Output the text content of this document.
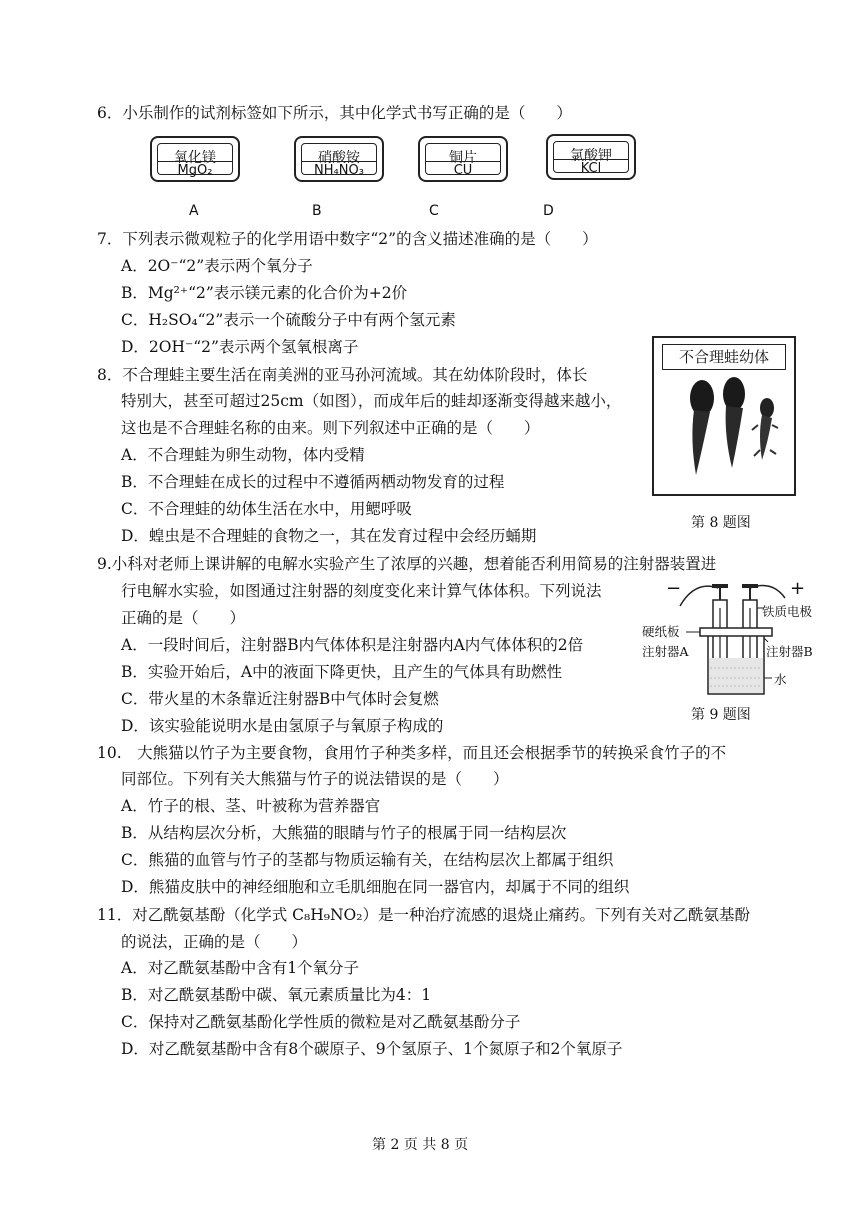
6．小乐制作的试剂标签如下所示，其中化学式书写正确的是（　　）
氧化镁
MgO₂
硝酸铵
NH₄NO₃
铜片
CU
氯酸钾
KCl
A	B	C	D
7．下列表示微观粒子的化学用语中数字“2”的含义描述准确的是（　　）
A．2O⁻“2”表示两个氧分子
B．Mg²⁺“2”表示镁元素的化合价为+2价
C．H₂SO₄“2”表示一个硫酸分子中有两个氢元素
D．2OH⁻“2”表示两个氢氧根离子
8．不合理蛙主要生活在南美洲的亚马孙河流域。其在幼体阶段时，体长
特别大，甚至可超过25cm（如图），而成年后的蛙却逐渐变得越来越小，
这也是不合理蛙名称的由来。则下列叙述中正确的是（　　）
A．不合理蛙为卵生动物，体内受精
B．不合理蛙在成长的过程中不遵循两栖动物发育的过程
C．不合理蛙的幼体生活在水中，用鳃呼吸
D．蝗虫是不合理蛙的食物之一，其在发育过程中会经历蛹期
不合理蛙幼体
第 8 题图
9.小科对老师上课讲解的电解水实验产生了浓厚的兴趣，想着能否利用简易的注射器装置进
行电解水实验，如图通过注射器的刻度变化来计算气体体积。下列说法
正确的是（　　）
A．一段时间后，注射器B内气体体积是注射器内A内气体体积的2倍
B．实验开始后，A中的液面下降更快，且产生的气体具有助燃性
C．带火星的木条靠近注射器B中气体时会复燃
D．该实验能说明水是由氢原子与氧原子构成的
−	+
铁质电极
硬纸板
注射器A	注射器B
水
第 9 题图
10.　大熊猫以竹子为主要食物，食用竹子种类多样，而且还会根据季节的转换采食竹子的不
同部位。下列有关大熊猫与竹子的说法错误的是（　　）
A．竹子的根、茎、叶被称为营养器官
B．从结构层次分析，大熊猫的眼睛与竹子的根属于同一结构层次
C．熊猫的血管与竹子的茎都与物质运输有关，在结构层次上都属于组织
D．熊猫皮肤中的神经细胞和立毛肌细胞在同一器官内，却属于不同的组织
11．对乙酰氨基酚（化学式 C₈H₉NO₂）是一种治疗流感的退烧止痛药。下列有关对乙酰氨基酚
的说法，正确的是（　　）
A．对乙酰氨基酚中含有1个氧分子
B．对乙酰氨基酚中碳、氧元素质量比为4：1
C．保持对乙酰氨基酚化学性质的微粒是对乙酰氨基酚分子
D．对乙酰氨基酚中含有8个碳原子、9个氢原子、1个氮原子和2个氧原子
第 2 页 共 8 页
